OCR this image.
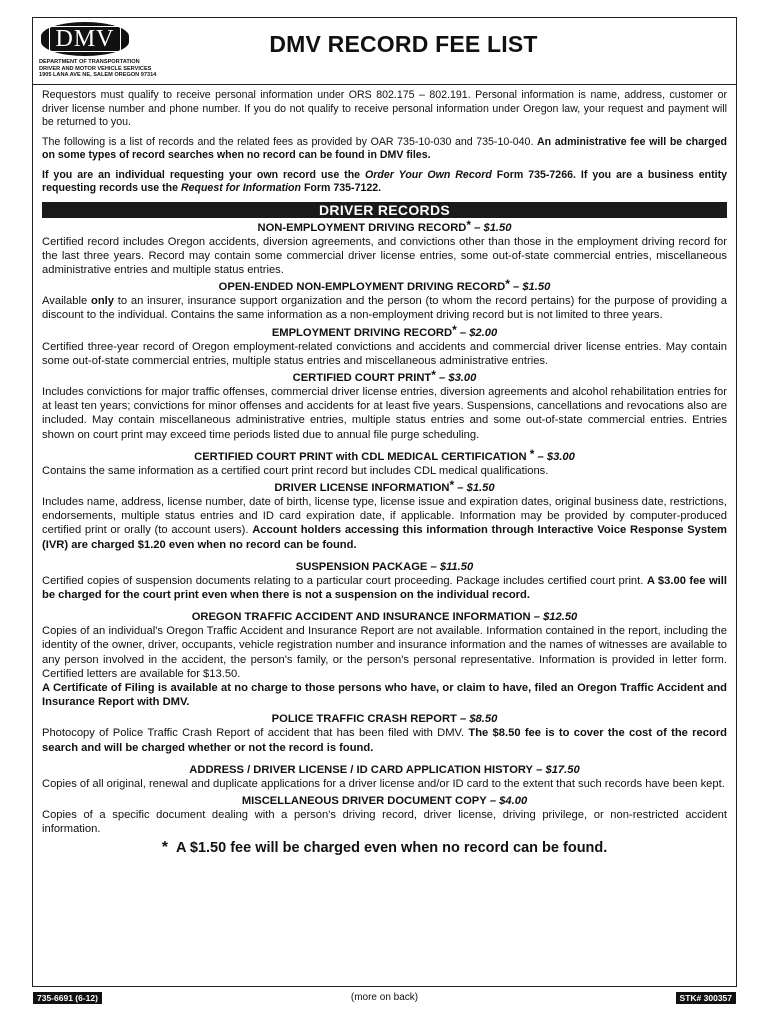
DMV
DEPARTMENT OF TRANSPORTATION
DRIVER AND MOTOR VEHICLE SERVICES
1905 LANA AVE NE, SALEM OREGON 97314
DMV RECORD FEE LIST

Requestors must qualify to receive personal information under ORS 802.175 – 802.191. Personal information is name, address, customer or driver license number and phone number. If you do not qualify to receive personal information under Oregon law, your request and payment will be returned to you.

The following is a list of records and the related fees as provided by OAR 735-10-030 and 735-10-040. An administrative fee will be charged on some types of record searches when no record can be found in DMV files.

If you are an individual requesting your own record use the Order Your Own Record Form 735-7266. If you are a business entity requesting records use the Request for Information Form 735-7122.

DRIVER RECORDS
NON-EMPLOYMENT DRIVING RECORD* – $1.50

Certified record includes Oregon accidents, diversion agreements, and convictions other than those in the employment driving record for the last three years. Record may contain some commercial driver license entries, some out-of-state commercial entries, miscellaneous administrative entries and multiple status entries.

OPEN-ENDED NON-EMPLOYMENT DRIVING RECORD* – $1.50

Available only to an insurer, insurance support organization and the person (to whom the record pertains) for the purpose of providing a discount to the individual. Contains the same information as a non-employment driving record but is not limited to three years.

EMPLOYMENT DRIVING RECORD* – $2.00

Certified three-year record of Oregon employment-related convictions and accidents and commercial driver license entries. May contain some out-of-state commercial entries, multiple status entries and miscellaneous administrative entries.

CERTIFIED COURT PRINT* – $3.00

Includes convictions for major traffic offenses, commercial driver license entries, diversion agreements and alcohol rehabilitation entries for at least ten years; convictions for minor offenses and accidents for at least five years. Suspensions, cancellations and revocations also are included. May contain miscellaneous administrative entries, multiple status entries and some out-of-state commercial entries. Entries shown on court print may exceed time periods listed due to annual file purge scheduling.

CERTIFIED COURT PRINT with CDL MEDICAL CERTIFICATION * – $3.00

Contains the same information as a certified court print record but includes CDL medical qualifications.

DRIVER LICENSE INFORMATION* – $1.50

Includes name, address, license number, date of birth, license type, license issue and expiration dates, original business date, restrictions, endorsements, multiple status entries and ID card expiration date, if applicable. Information may be provided by computer-produced certified print or orally (to account users). Account holders accessing this information through Interactive Voice Response System (IVR) are charged $1.20 even when no record can be found.

SUSPENSION PACKAGE – $11.50

Certified copies of suspension documents relating to a particular court proceeding. Package includes certified court print. A $3.00 fee will be charged for the court print even when there is not a suspension on the individual record.

OREGON TRAFFIC ACCIDENT AND INSURANCE INFORMATION – $12.50

Copies of an individual's Oregon Traffic Accident and Insurance Report are not available. Information contained in the report, including the identity of the owner, driver, occupants, vehicle registration number and insurance information and the names of witnesses are available to any person involved in the accident, the person's family, or the person's personal representative. Information is provided in letter form. Certified letters are available for $13.50.

A Certificate of Filing is available at no charge to those persons who have, or claim to have, filed an Oregon Traffic Accident and Insurance Report with DMV.

POLICE TRAFFIC CRASH REPORT – $8.50

Photocopy of Police Traffic Crash Report of accident that has been filed with DMV. The $8.50 fee is to cover the cost of the record search and will be charged whether or not the record is found.

ADDRESS / DRIVER LICENSE / ID CARD APPLICATION HISTORY – $17.50

Copies of all original, renewal and duplicate applications for a driver license and/or ID card to the extent that such records have been kept.

MISCELLANEOUS DRIVER DOCUMENT COPY – $4.00

Copies of a specific document dealing with a person's driving record, driver license, driving privilege, or non-restricted accident information.

* A $1.50 fee will be charged even when no record can be found.
735-6691 (6-12)	(more on back)	STK# 300357
